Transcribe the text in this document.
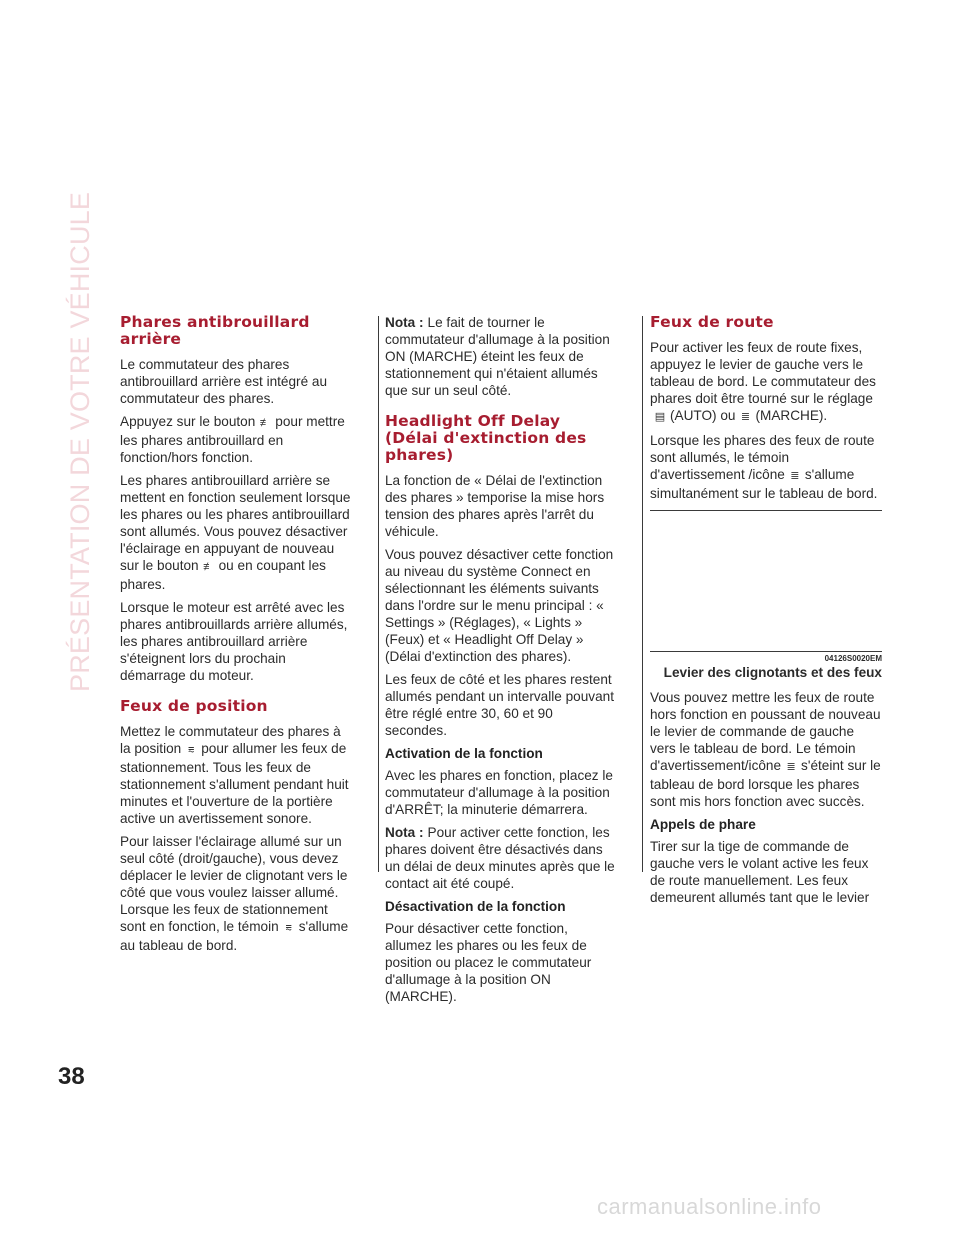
PRÉSENTATION DE VOTRE VÉHICULE	Phares antibrouillard arrière

Le commutateur des phares antibrouillard arrière est intégré au commutateur des phares.

Appuyez sur le bouton ≢ pour mettre les phares antibrouillard en fonction/hors fonction.

Les phares antibrouillard arrière se mettent en fonction seulement lorsque les phares ou les phares antibrouillard sont allumés. Vous pouvez désactiver l'éclairage en appuyant de nouveau sur le bouton ≢ ou en coupant les phares.

Lorsque le moteur est arrêté avec les phares antibrouillards arrière allumés, les phares antibrouillard arrière s'éteignent lors du prochain démarrage du moteur.

Feux de position

Mettez le commutateur des phares à la position ⩳ pour allumer les feux de stationnement. Tous les feux de stationnement s'allument pendant huit minutes et l'ouverture de la portière active un avertissement sonore.

Pour laisser l'éclairage allumé sur un seul côté (droit/gauche), vous devez déplacer le levier de clignotant vers le côté que vous voulez laisser allumé. Lorsque les feux de stationnement sont en fonction, le témoin ⩳ s'allume au tableau de bord.

Nota : Le fait de tourner le commutateur d'allumage à la position ON (MARCHE) éteint les feux de stationnement qui n'étaient allumés que sur un seul côté.

Headlight Off Delay (Délai d'extinction des phares)

La fonction de « Délai de l'extinction des phares » temporise la mise hors tension des phares après l'arrêt du véhicule.

Vous pouvez désactiver cette fonction au niveau du système Connect en sélectionnant les éléments suivants dans l'ordre sur le menu principal : « Settings » (Réglages), « Lights » (Feux) et « Headlight Off Delay » (Délai d'extinction des phares).

Les feux de côté et les phares restent allumés pendant un intervalle pouvant être réglé entre 30, 60 et 90 secondes.

Activation de la fonction

Avec les phares en fonction, placez le commutateur d'allumage à la position d'ARRÊT; la minuterie démarrera.

Nota : Pour activer cette fonction, les phares doivent être désactivés dans un délai de deux minutes après que le contact ait été coupé.

Désactivation de la fonction

Pour désactiver cette fonction, allumez les phares ou les feux de position ou placez le commutateur d'allumage à la position ON (MARCHE).

Feux de route

Pour activer les feux de route fixes, appuyez le levier de gauche vers le tableau de bord. Le commutateur des phares doit être tourné sur le réglage ▤ (AUTO) ou ≣ (MARCHE).

Lorsque les phares des feux de route sont allumés, le témoin d'avertissement /icône ≣ s'allume simultanément sur le tableau de bord.

04126S0020EM
Levier des clignotants et des feux

Vous pouvez mettre les feux de route hors fonction en poussant de nouveau le levier de commande de gauche vers le tableau de bord. Le témoin d'avertissement/icône ≣ s'éteint sur le tableau de bord lorsque les phares sont mis hors fonction avec succès.

Appels de phare

Tirer sur la tige de commande de gauche vers le volant active les feux de route manuellement. Les feux demeurent allumés tant que le levier

38
carmanualsonline.info
